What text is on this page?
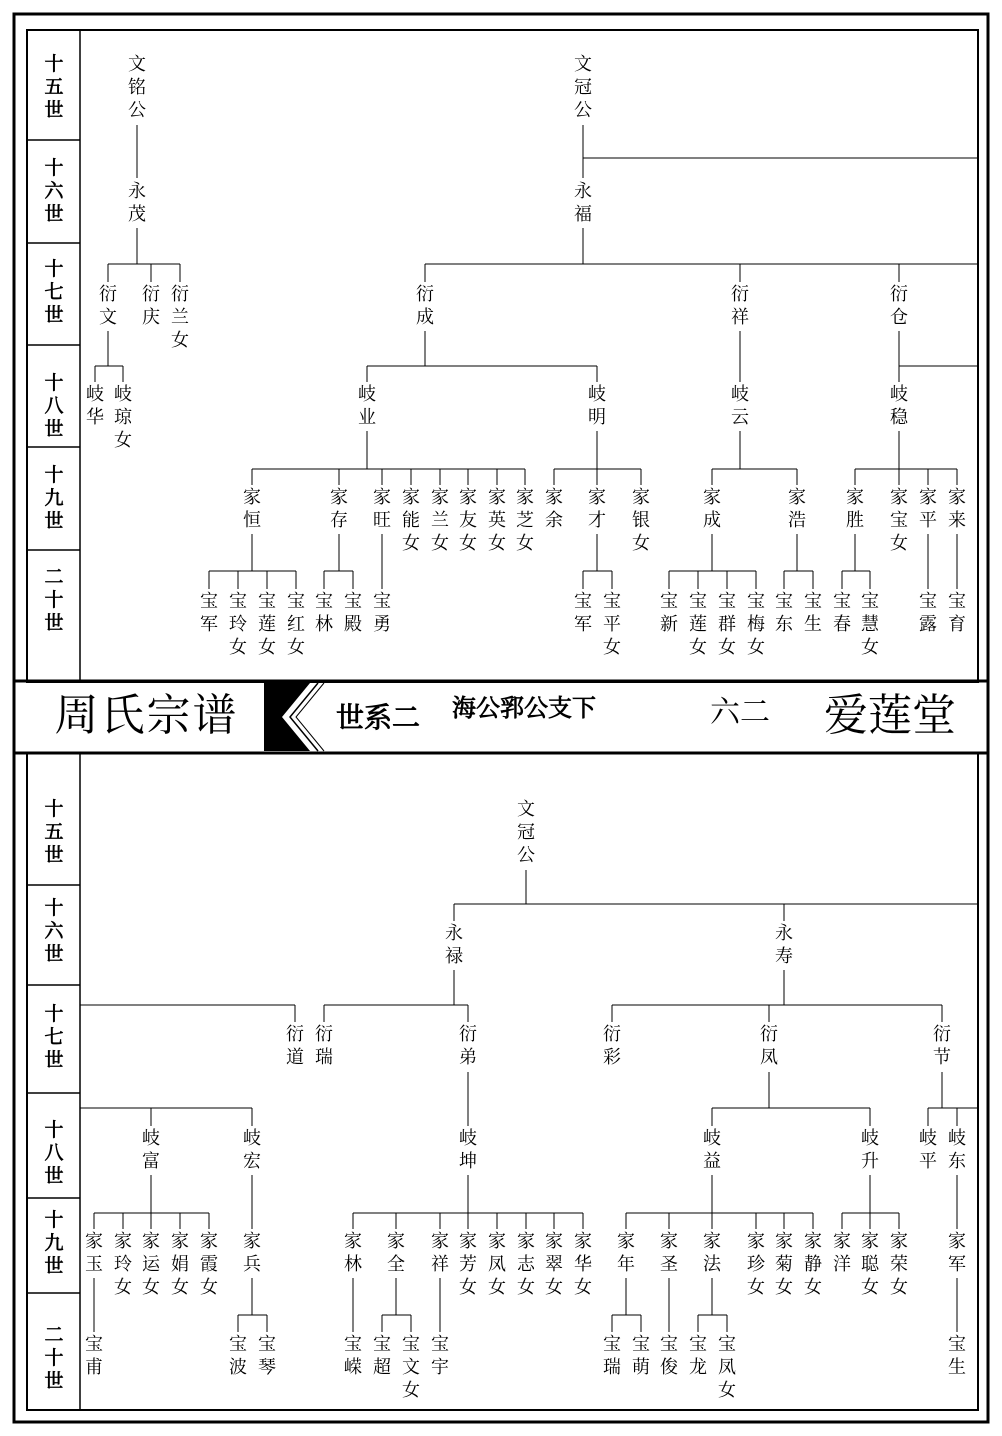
十
五
世
十
六
世
十
七
世
十
八
世
十
九
世
二
十
世
十
五
世
十
六
世
十
七
世
十
八
世
十
九
世
二
十
世
文
铭
公
永
茂
衍
文
衍
庆
衍
兰
女
岐
华
岐
琼
女
文
冠
公
永
福
衍
成
衍
祥
衍
仓
岐
业
岐
明
岐
云
岐
稳
家
恒
家
存
家
旺
家
能
女
家
兰
女
家
友
女
家
英
女
家
芝
女
家
余
家
才
家
银
女
家
成
家
浩
家
胜
家
宝
女
家
平
家
来
宝
军
宝
玲
女
宝
莲
女
宝
红
女
宝
林
宝
殿
宝
勇
宝
军
宝
平
女
宝
新
宝
莲
女
宝
群
女
宝
梅
女
宝
东
宝
生
宝
春
宝
慧
女
宝
露
宝
育
文
冠
公
永
禄
永
寿
衍
道
衍
瑞
衍
弟
衍
彩
衍
凤
衍
节
岐
富
岐
宏
岐
坤
岐
益
岐
升
岐
平
岐
东
家
玉
家
玲
女
家
运
女
家
娟
女
家
霞
女
家
兵
家
林
家
全
家
祥
家
芳
女
家
凤
女
家
志
女
家
翠
女
家
华
女
家
年
家
圣
家
法
家
珍
女
家
菊
女
家
静
女
家
洋
家
聪
女
家
荣
女
家
军
宝
甫
宝
波
宝
琴
宝
嵘
宝
超
宝
文
女
宝
宇
宝
瑞
宝
萌
宝
俊
宝
龙
宝
凤
女
宝
生
周氏宗谱	世系二 海公郛公支下	六二 爱莲堂
